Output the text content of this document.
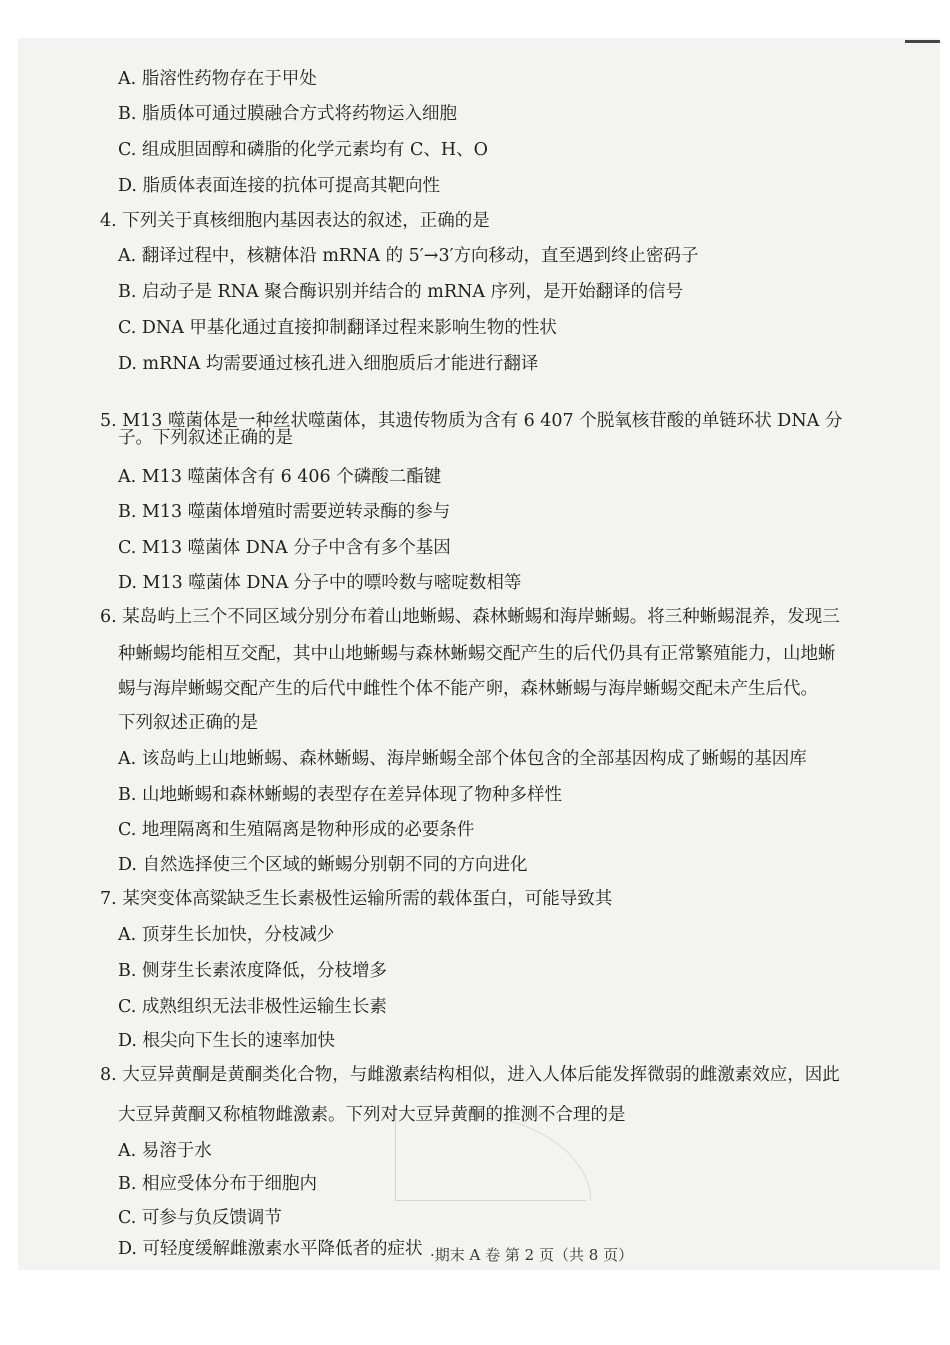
A. 脂溶性药物存在于甲处
B. 脂质体可通过膜融合方式将药物运入细胞
C. 组成胆固醇和磷脂的化学元素均有 C、H、O
D. 脂质体表面连接的抗体可提高其靶向性
4. 下列关于真核细胞内基因表达的叙述，正确的是
A. 翻译过程中，核糖体沿 mRNA 的 5′→3′方向移动，直至遇到终止密码子
B. 启动子是 RNA 聚合酶识别并结合的 mRNA 序列，是开始翻译的信号
C. DNA 甲基化通过直接抑制翻译过程来影响生物的性状
D. mRNA 均需要通过核孔进入细胞质后才能进行翻译
5. M13 噬菌体是一种丝状噬菌体，其遗传物质为含有 6 407 个脱氧核苷酸的单链环状 DNA 分
子。下列叙述正确的是
A. M13 噬菌体含有 6 406 个磷酸二酯键
B. M13 噬菌体增殖时需要逆转录酶的参与
C. M13 噬菌体 DNA 分子中含有多个基因
D. M13 噬菌体 DNA 分子中的嘌呤数与嘧啶数相等
6. 某岛屿上三个不同区域分别分布着山地蜥蜴、森林蜥蜴和海岸蜥蜴。将三种蜥蜴混养，发现三
种蜥蜴均能相互交配，其中山地蜥蜴与森林蜥蜴交配产生的后代仍具有正常繁殖能力，山地蜥
蜴与海岸蜥蜴交配产生的后代中雌性个体不能产卵，森林蜥蜴与海岸蜥蜴交配未产生后代。
下列叙述正确的是
A. 该岛屿上山地蜥蜴、森林蜥蜴、海岸蜥蜴全部个体包含的全部基因构成了蜥蜴的基因库
B. 山地蜥蜴和森林蜥蜴的表型存在差异体现了物种多样性
C. 地理隔离和生殖隔离是物种形成的必要条件
D. 自然选择使三个区域的蜥蜴分别朝不同的方向进化
7. 某突变体高粱缺乏生长素极性运输所需的载体蛋白，可能导致其
A. 顶芽生长加快，分枝减少
B. 侧芽生长素浓度降低，分枝增多
C. 成熟组织无法非极性运输生长素
D. 根尖向下生长的速率加快
8. 大豆异黄酮是黄酮类化合物，与雌激素结构相似，进入人体后能发挥微弱的雌激素效应，因此
大豆异黄酮又称植物雌激素。下列对大豆异黄酮的推测不合理的是
A. 易溶于水
B. 相应受体分布于细胞内
C. 可参与负反馈调节
D. 可轻度缓解雌激素水平降低者的症状 ·期末 A 卷 第 2 页（共 8 页）
